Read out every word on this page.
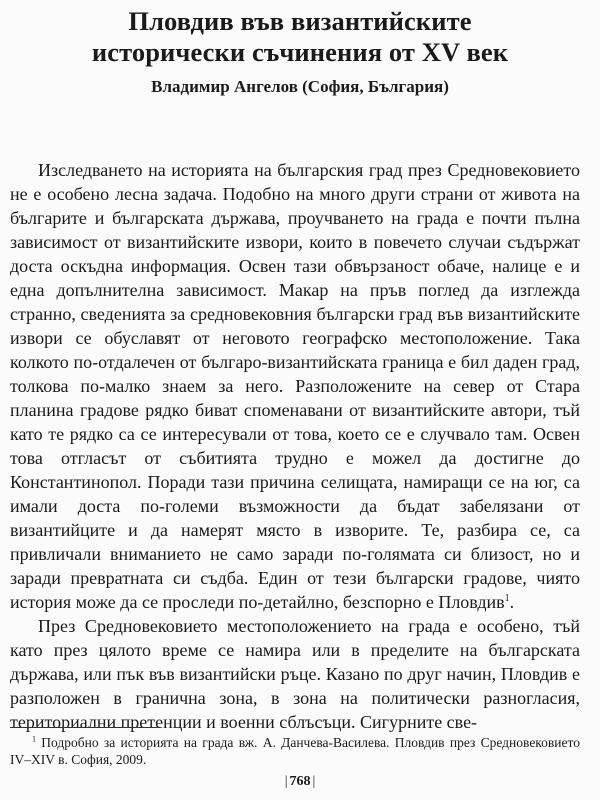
Пловдив във византийските
исторически съчинения от XV век
Владимир Ангелов (София, България)

Изследването на историята на българския град през Средновековието не е особено лесна задача. Подобно на много други страни от живота на българите и българската държава, проучването на града е почти пълна зависимост от византийските извори, които в повечето случаи съдържат доста оскъдна информация. Освен тази обвързаност обаче, налице е и една допълнителна зависимост. Макар на пръв поглед да изглежда странно, сведенията за средновековния български град във византийските извори се обуславят от неговото географско местоположение. Така колкото по-отдалечен от българо-византийската граница е бил даден град, толкова по-малко знаем за него. Разположените на север от Стара планина градове рядко биват споменавани от византийските автори, тъй като те рядко са се интересували от това, което се е случвало там. Освен това отгласът от събитията трудно е можел да достигне до Константинопол. Поради тази причина селищата, намиращи се на юг, са имали доста по-големи възможности да бъдат забелязани от византийците и да намерят място в изворите. Те, разбира се, са привличали вниманието не само заради по-голямата си близост, но и заради превратната си съдба. Един от тези български градове, чиято история може да се проследи по-детайлно, безспорно е Пловдив$^1$.

През Средновековието местоположението на града е особено, тъй като през цялото време се намира или в пределите на българската държава, или пък във византийски ръце. Казано по друг начин, Пловдив е разположен в гранична зона, в зона на политически разногласия, териториални претенции и военни сблъсъци. Сигурните све-

$^1$ Подробно за историята на града вж. А. Данчева-Василева. Пловдив през Средновековието IV–XIV в. София, 2009.
| 768 |
